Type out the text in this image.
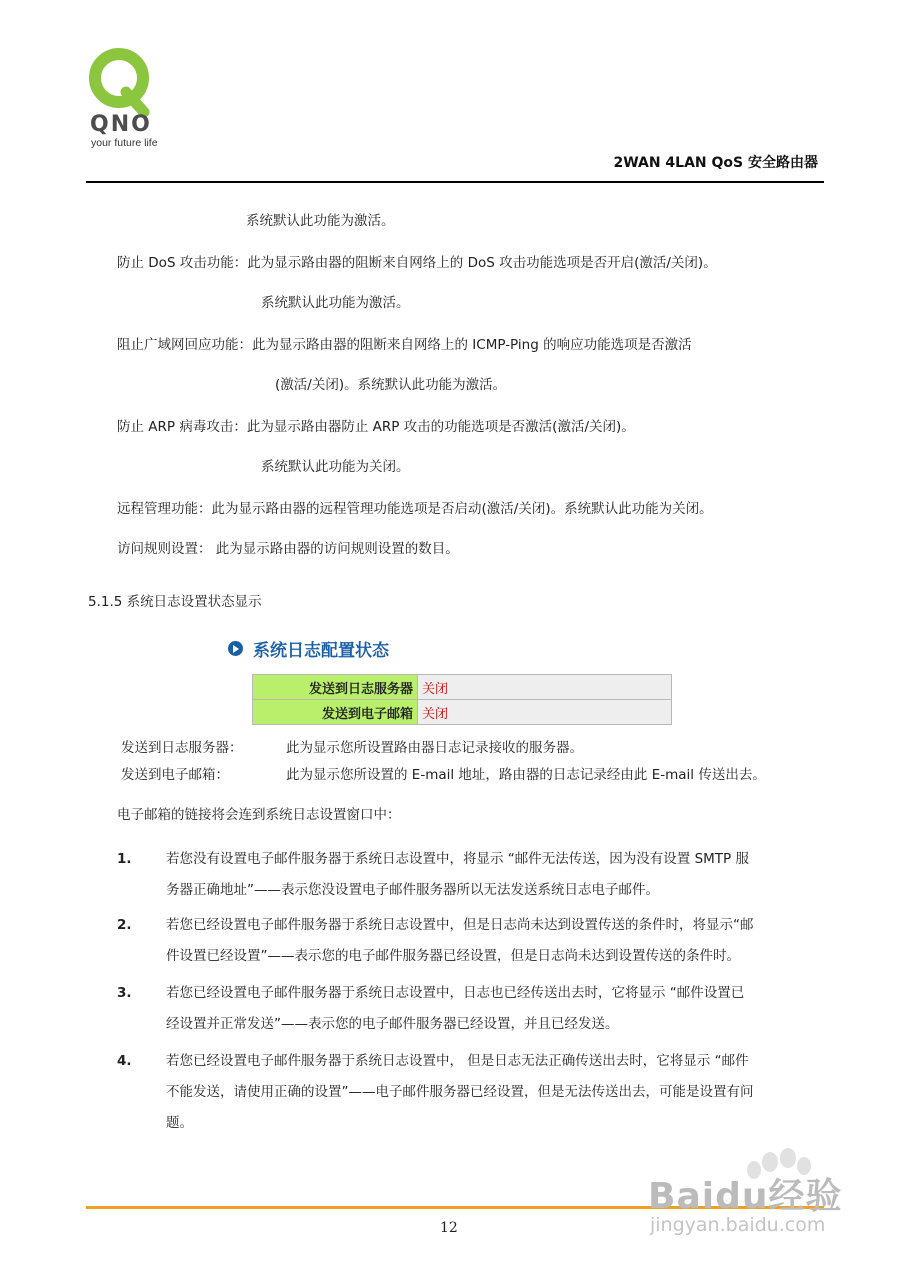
QNO
your future life
2WAN 4LAN QoS 安全路由器
系统默认此功能为激活。
防止 DoS 攻击功能：此为显示路由器的阻断来自网络上的 DoS 攻击功能选项是否开启(激活/关闭)。
系统默认此功能为激活。
阻止广域网回应功能：此为显示路由器的阻断来自网络上的 ICMP-Ping 的响应功能选项是否激活
(激活/关闭)。系统默认此功能为激活。
防止 ARP 病毒攻击：此为显示路由器防止 ARP 攻击的功能选项是否激活(激活/关闭)。
系统默认此功能为关闭。
远程管理功能：此为显示路由器的远程管理功能选项是否启动(激活/关闭)。系统默认此功能为关闭。
访问规则设置： 此为显示路由器的访问规则设置的数目。
5.1.5 系统日志设置状态显示
系统日志配置状态
发送到日志服务器	关闭
发送到电子邮箱	关闭
发送到日志服务器：	此为显示您所设置路由器日志记录接收的服务器。
发送到电子邮箱：	此为显示您所设置的 E-mail 地址，路由器的日志记录经由此 E-mail 传送出去。
电子邮箱的链接将会连到系统日志设置窗口中：
1.	若您没有设置电子邮件服务器于系统日志设置中，将显示 “邮件无法传送，因为没有设置 SMTP 服
务器正确地址”——表示您没设置电子邮件服务器所以无法发送系统日志电子邮件。
2.	若您已经设置电子邮件服务器于系统日志设置中，但是日志尚未达到设置传送的条件时，将显示“邮
件设置已经设置”——表示您的电子邮件服务器已经设置，但是日志尚未达到设置传送的条件时。
3.	若您已经设置电子邮件服务器于系统日志设置中，日志也已经传送出去时，它将显示 “邮件设置已
经设置并正常发送”——表示您的电子邮件服务器已经设置，并且已经发送。
4.	若您已经设置电子邮件服务器于系统日志设置中， 但是日志无法正确传送出去时，它将显示 “邮件
不能发送，请使用正确的设置”——电子邮件服务器已经设置，但是无法传送出去，可能是设置有问
题。
12
Baidu经验
jingyan.baidu.com
